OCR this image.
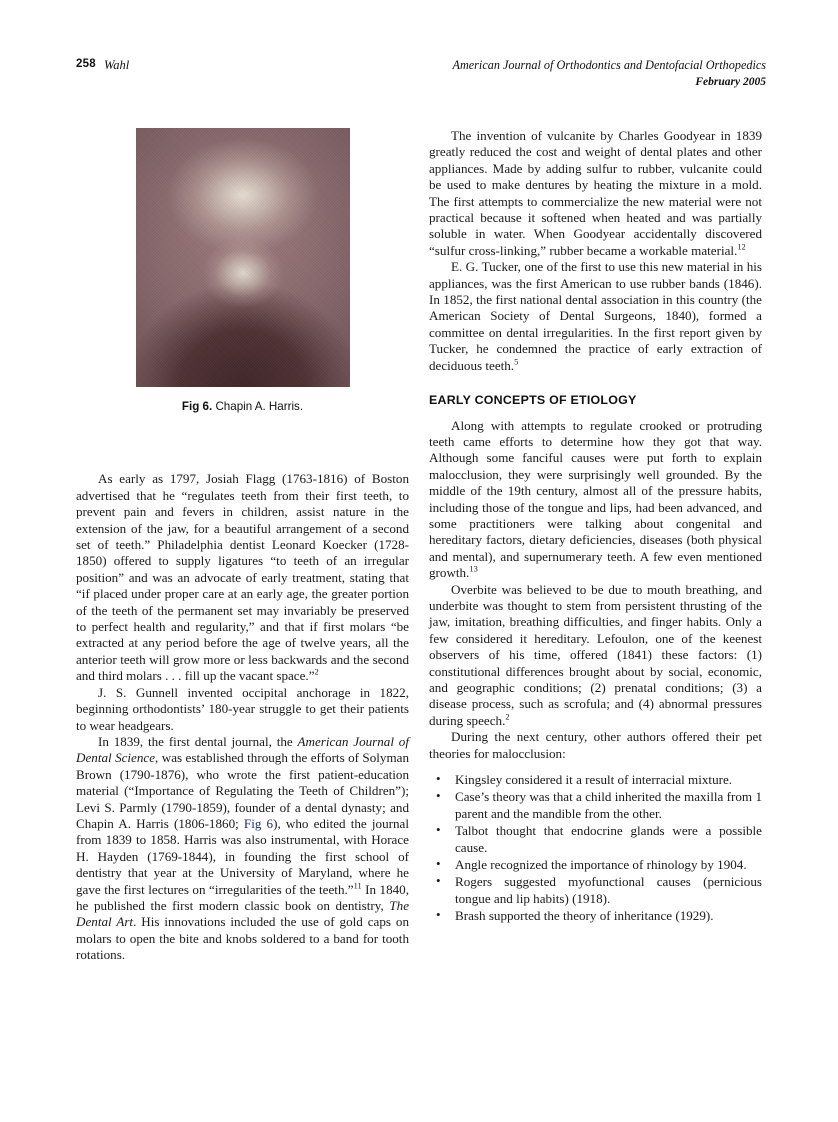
258 Wahl	American Journal of Orthodontics and Dentofacial Orthopedics
February 2005
Fig 6. Chapin A. Harris.

As early as 1797, Josiah Flagg (1763-1816) of Boston advertised that he “regulates teeth from their first teeth, to prevent pain and fevers in children, assist nature in the extension of the jaw, for a beautiful arrangement of a second set of teeth.” Philadelphia dentist Leonard Koecker (1728-1850) offered to supply ligatures “to teeth of an irregular position” and was an advocate of early treatment, stating that “if placed under proper care at an early age, the greater portion of the teeth of the permanent set may invariably be preserved to perfect health and regularity,” and that if first molars “be extracted at any period before the age of twelve years, all the anterior teeth will grow more or less backwards and the second and third molars . . . fill up the vacant space.”$^2$

J. S. Gunnell invented occipital anchorage in 1822, beginning orthodontists’ 180-year struggle to get their patients to wear headgears.

In 1839, the first dental journal, the American Journal of Dental Science, was established through the efforts of Solyman Brown (1790-1876), who wrote the first patient-education material (“Importance of Regulating the Teeth of Children”); Levi S. Parmly (1790-1859), founder of a dental dynasty; and Chapin A. Harris (1806-1860; Fig 6), who edited the journal from 1839 to 1858. Harris was also instrumental, with Horace H. Hayden (1769-1844), in founding the first school of dentistry that year at the University of Maryland, where he gave the first lectures on “irregularities of the teeth.”$^{11}$ In 1840, he published the first modern classic book on dentistry, The Dental Art. His innovations included the use of gold caps on molars to open the bite and knobs soldered to a band for tooth rotations.

The invention of vulcanite by Charles Goodyear in 1839 greatly reduced the cost and weight of dental plates and other appliances. Made by adding sulfur to rubber, vulcanite could be used to make dentures by heating the mixture in a mold. The first attempts to commercialize the new material were not practical because it softened when heated and was partially soluble in water. When Goodyear accidentally discovered “sulfur cross-linking,” rubber became a workable material.$^{12}$

E. G. Tucker, one of the first to use this new material in his appliances, was the first American to use rubber bands (1846). In 1852, the first national dental association in this country (the American Society of Dental Surgeons, 1840), formed a committee on dental irregularities. In the first report given by Tucker, he condemned the practice of early extraction of deciduous teeth.$^5$

EARLY CONCEPTS OF ETIOLOGY

Along with attempts to regulate crooked or protruding teeth came efforts to determine how they got that way. Although some fanciful causes were put forth to explain malocclusion, they were surprisingly well grounded. By the middle of the 19th century, almost all of the pressure habits, including those of the tongue and lips, had been advanced, and some practitioners were talking about congenital and hereditary factors, dietary deficiencies, diseases (both physical and mental), and supernumerary teeth. A few even mentioned growth.$^{13}$

Overbite was believed to be due to mouth breathing, and underbite was thought to stem from persistent thrusting of the jaw, imitation, breathing difficulties, and finger habits. Only a few considered it hereditary. Lefoulon, one of the keenest observers of his time, offered (1841) these factors: (1) constitutional differences brought about by social, economic, and geographic conditions; (2) prenatal conditions; (3) a disease process, such as scrofula; and (4) abnormal pressures during speech.$^2$

During the next century, other authors offered their pet theories for malocclusion:

• Kingsley considered it a result of interracial mixture.
• Case’s theory was that a child inherited the maxilla from 1 parent and the mandible from the other.
• Talbot thought that endocrine glands were a possible cause.
• Angle recognized the importance of rhinology by 1904.
• Rogers suggested myofunctional causes (pernicious tongue and lip habits) (1918).
• Brash supported the theory of inheritance (1929).
